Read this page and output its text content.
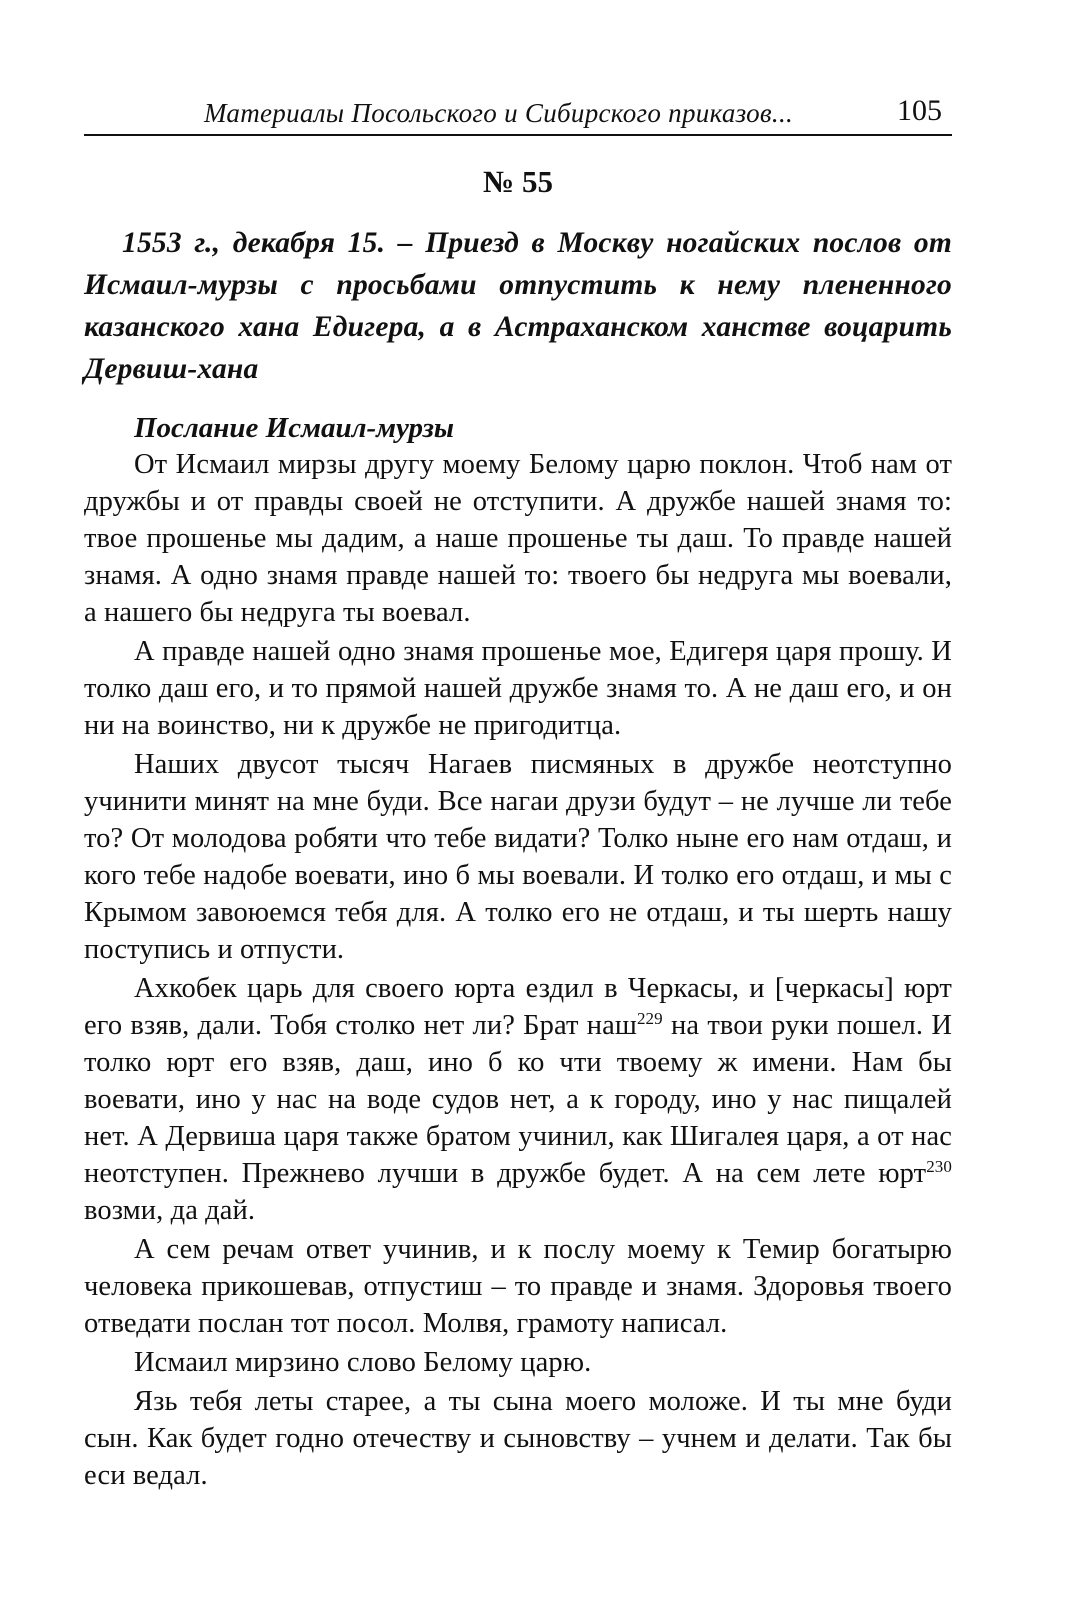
Материалы Посольского и Сибирского приказов...	105
№ 55

1553 г., декабря 15. – Приезд в Москву ногайских послов от Исмаил-мурзы с просьбами отпустить к нему плененного казанского хана Едигера, а в Астраханском ханстве воцарить Дервиш-хана

Послание Исмаил-мурзы

От Исмаил мирзы другу моему Белому царю поклон. Чтоб нам от дружбы и от правды своей не отступити. А дружбе нашей знамя то: твое прошенье мы дадим, а наше прошенье ты даш. То правде нашей знамя. А одно знамя правде нашей то: твоего бы недруга мы воевали, а нашего бы недруга ты воевал.

А правде нашей одно знамя прошенье мое, Едигеря царя прошу. И толко даш его, и то прямой нашей дружбе знамя то. А не даш его, и он ни на воинство, ни к дружбе не пригодитца.

Наших двусот тысяч Нагаев писмяных в дружбе неотступно учинити минят на мне буди. Все нагаи друзи будут – не лучше ли тебе то? От молодова робяти что тебе видати? Толко ныне его нам отдаш, и кого тебе надобе воевати, ино б мы воевали. И толко его отдаш, и мы с Крымом завоюемся тебя для. А толко его не отдаш, и ты шерть нашу поступись и отпусти.

Ахкобек царь для своего юрта ездил в Черкасы, и [черкасы] юрт его взяв, дали. Тобя столко нет ли? Брат наш$^{229}$ на твои руки пошел. И толко юрт его взяв, даш, ино б ко чти твоему ж имени. Нам бы воевати, ино у нас на воде судов нет, а к городу, ино у нас пищалей нет. А Дервиша царя также братом учинил, как Шигалея царя, а от нас неотступен. Прежнево лучши в дружбе будет. А на сем лете юрт$^{230}$ возми, да дай.

А сем речам ответ учинив, и к послу моему к Темир богатырю человека прикошевав, отпустиш – то правде и знамя. Здоровья твоего отведати послан тот посол. Молвя, грамоту написал.

Исмаил мирзино слово Белому царю.

Язь тебя леты старее, а ты сына моего моложе. И ты мне буди сын. Как будет годно отечеству и сыновству – учнем и делати. Так бы еси ведал.
